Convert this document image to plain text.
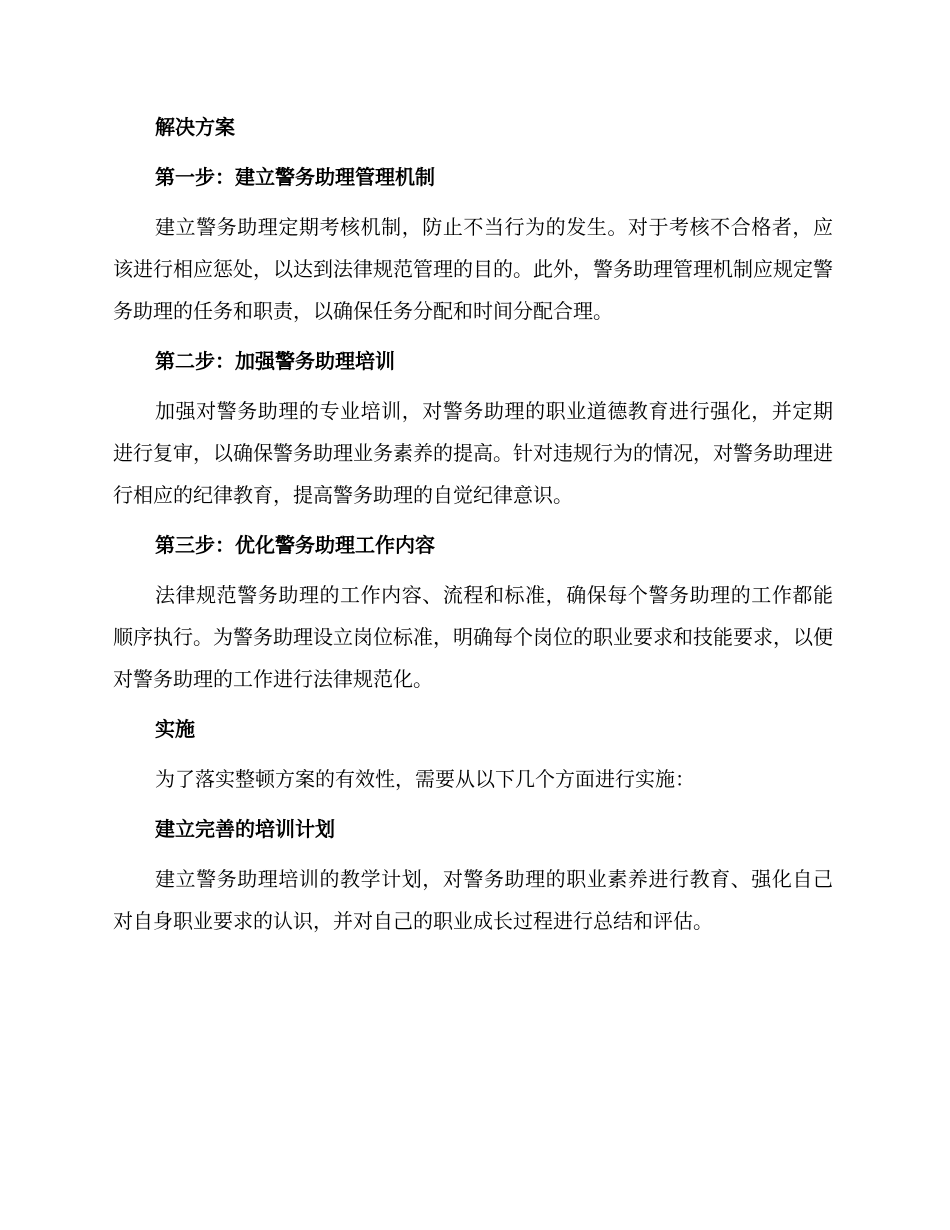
解决方案
第一步：建立警务助理管理机制

建立警务助理定期考核机制，防止不当行为的发生。对于考核不合格者，应该进行相应惩处，以达到法律规范管理的目的。此外，警务助理管理机制应规定警务助理的任务和职责，以确保任务分配和时间分配合理。

第二步：加强警务助理培训

加强对警务助理的专业培训，对警务助理的职业道德教育进行强化，并定期进行复审，以确保警务助理业务素养的提高。针对违规行为的情况，对警务助理进行相应的纪律教育，提高警务助理的自觉纪律意识。

第三步：优化警务助理工作内容

法律规范警务助理的工作内容、流程和标准，确保每个警务助理的工作都能顺序执行。为警务助理设立岗位标准，明确每个岗位的职业要求和技能要求，以便对警务助理的工作进行法律规范化。

实施

为了落实整顿方案的有效性，需要从以下几个方面进行实施：

建立完善的培训计划

建立警务助理培训的教学计划，对警务助理的职业素养进行教育、强化自己对自身职业要求的认识，并对自己的职业成长过程进行总结和评估。
